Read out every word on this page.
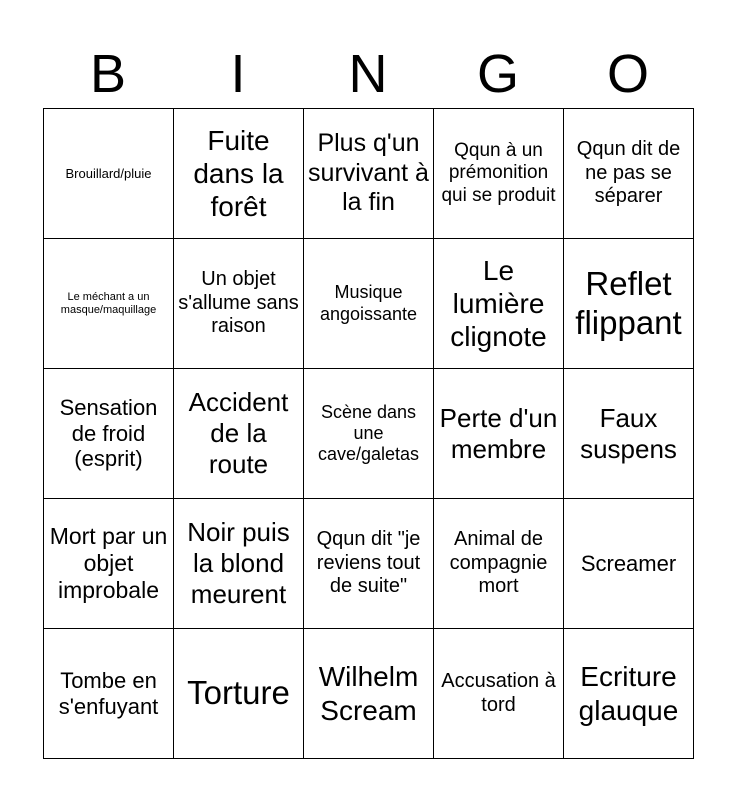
B	I	N	G	O
Brouillard/pluie	Fuite dans la forêt	Plus q'un survivant à la fin	Qqun à un prémonition qui se produit	Qqun dit de ne pas se séparer
Le méchant a un masque/maquillage	Un objet s'allume sans raison	Musique angoissante	Le lumière clignote	Reflet flippant
Sensation de froid (esprit)	Accident de la route	Scène dans une cave/galetas	Perte d'un membre	Faux suspens
Mort par un objet improbale	Noir puis la blond meurent	Qqun dit "je reviens tout de suite"	Animal de compagnie mort	Screamer
Tombe en s'enfuyant	Torture	Wilhelm Scream	Accusation à tord	Ecriture glauque
